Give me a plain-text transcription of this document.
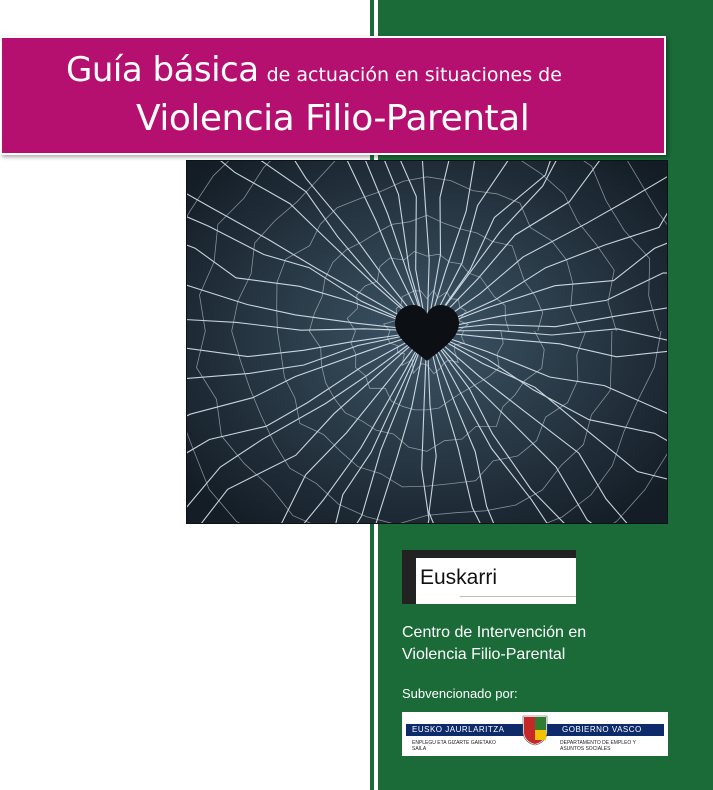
Guía básica de actuación en situaciones de
Violencia Filio-Parental
Euskarri
Centro de Intervención en
Violencia Filio-Parental
Subvencionado por:
EUSKO JAURLARITZA	GOBIERNO VASCO
ENPLEGU ETA GIZARTE GAIETAKO SAILA
DEPARTAMENTO DE EMPLEO Y ASUNTOS SOCIALES
